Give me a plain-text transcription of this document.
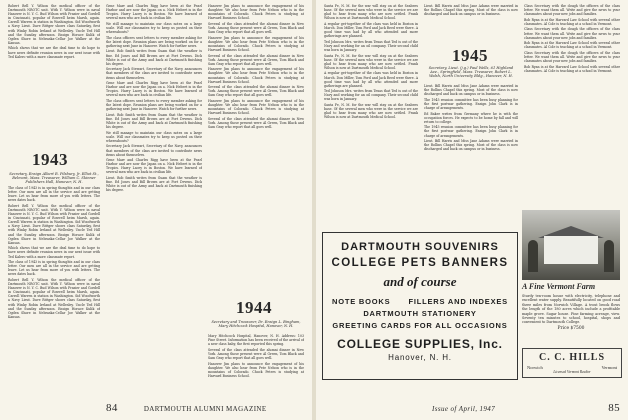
Robert Bell Y. Wilson the medical officer of the Dartmouth NROTC unit. With Y. Wilson were in naval Hanover is N. Y. C. Bud Wilson with Frasier and Gordell in Cincinnati, popular of Roswell heim Marsh, again. Carroll Warren is station in Washington. Sid Woodworth a Navy Lieut. Dave Rittger shows class Saturday, first with Winky Robin Ireland at Wellesley. Uncle Ted Hill and the Sunday afternoon. Ensign Horace Kulik of Ogden Shore in Nebraska-Cellar Joe Walker at the Kansas.

Which shows that we are the deal time to do hope to have news definite reunion news in our next issue with Ted Kalero with a more classmate report.

1943
Secretary, Ensign Albert R. Pilsbury, Jr. Elliot St., Belmont, Mass. Treasurer, William C. Skinner Publishers Hall, Hanover, N. H.

The class of 1943 is in spring thoughts and in our class letter. Our men are all in the service and are getting leave. Let us hear from more of you with letters. The news dates back.

Robert Bell Y. Wilson the medical officer of the Dartmouth NROTC unit. With Y. Wilson were in naval Hanover is N. Y. C. Bud Wilson with Frasier and Gordell in Cincinnati, popular of Roswell heim Marsh, again. Carroll Warren is station in Washington. Sid Woodworth a Navy Lieut. Dave Rittger shows class Saturday, first with Winky Robin Ireland at Wellesley. Uncle Ted Hill and the Sunday afternoon. Ensign Horace Kulik of Ogden Shore in Nebraska-Cellar Joe Walker at the Kansas.

Which shows that we are the deal time to do hope to have news definite reunion news in our next issue with Ted Kalero with a more classmate report.

The class of 1943 is in spring thoughts and in our class letter. Our men are all in the service and are getting leave. Let us hear from more of you with letters. The news dates back.

Robert Bell Y. Wilson the medical officer of the Dartmouth NROTC unit. With Y. Wilson were in naval Hanover is N. Y. C. Bud Wilson with Frasier and Gordell in Cincinnati, popular of Roswell heim Marsh, again. Carroll Warren is station in Washington. Sid Woodworth a Navy Lieut. Dave Rittger shows class Saturday, first with Winky Robin Ireland at Wellesley. Uncle Ted Hill and the Sunday afternoon. Ensign Horace Kulik of Ogden Shore in Nebraska-Cellar Joe Walker at the Kansas.

Gene Marr and Charles Rigg have been at the Pearl Harbor and are now the Japan on a. Nick Hebert is in the Tropics. Harry Lacey is in Boston. We have learned of several men who are back in civilian life.

We still manage to maintain our class notes on a large scale. Will our classmates try to keep us posted on their whereabouts?

The class officers sent letters to every member asking for the latest dope. Reunion plans are being worked on for a gathering next June in Hanover. Watch for further news.

Lieut. Bob Smith writes from Guam that the weather is fine. Ed Jones and Bill Brown are at Fort Devens. Dick White is out of the Army and back at Dartmouth finishing his degree.

Secretary Jack Stewart, Secretary of the Navy, announces that members of the class are invited to contribute news items about themselves.

Gene Marr and Charles Rigg have been at the Pearl Harbor and are now the Japan on a. Nick Hebert is in the Tropics. Harry Lacey is in Boston. We have learned of several men who are back in civilian life.

The class officers sent letters to every member asking for the latest dope. Reunion plans are being worked on for a gathering next June in Hanover. Watch for further news.

Lieut. Bob Smith writes from Guam that the weather is fine. Ed Jones and Bill Brown are at Fort Devens. Dick White is out of the Army and back at Dartmouth finishing his degree.

We still manage to maintain our class notes on a large scale. Will our classmates try to keep us posted on their whereabouts?

Secretary Jack Stewart, Secretary of the Navy, announces that members of the class are invited to contribute news items about themselves.

Gene Marr and Charles Rigg have been at the Pearl Harbor and are now the Japan on a. Nick Hebert is in the Tropics. Harry Lacey is in Boston. We have learned of several men who are back in civilian life.

Lieut. Bob Smith writes from Guam that the weather is fine. Ed Jones and Bill Brown are at Fort Devens. Dick White is out of the Army and back at Dartmouth finishing his degree.

Hanover Jim plans to announce the engagement of his daughter. We also hear from Pete Nelson who is in the mountains of Colorado. Chuck Peters is studying at Harvard Business School.

Several of the class attended the alumni dinner in New York. Among those present were Al Green, Tom Black and Sam Gray who report that all goes well.

Hanover Jim plans to announce the engagement of his daughter. We also hear from Pete Nelson who is in the mountains of Colorado. Chuck Peters is studying at Harvard Business School.

Several of the class attended the alumni dinner in New York. Among those present were Al Green, Tom Black and Sam Gray who report that all goes well.

Hanover Jim plans to announce the engagement of his daughter. We also hear from Pete Nelson who is in the mountains of Colorado. Chuck Peters is studying at Harvard Business School.

Several of the class attended the alumni dinner in New York. Among those present were Al Green, Tom Black and Sam Gray who report that all goes well.

Hanover Jim plans to announce the engagement of his daughter. We also hear from Pete Nelson who is in the mountains of Colorado. Chuck Peters is studying at Harvard Business School.

Several of the class attended the alumni dinner in New York. Among those present were Al Green, Tom Black and Sam Gray who report that all goes well.

1944
Secretary and Treasurer, Dr. Ensign L. Bingham, Mary Hitchcock Hospital, Hanover, N. H.

Mary Hitchcock Hospital, Hanover, N. H. Address: 103 Pine Street. Information has been received of the arrival of a new class baby, the first reported this spring.

Several of the class attended the alumni dinner in New York. Among those present were Al Green, Tom Black and Sam Gray who report that all goes well.

Hanover Jim plans to announce the engagement of his daughter. We also hear from Pete Nelson who is in the mountains of Colorado. Chuck Peters is studying at Harvard Business School.

84	DARTMOUTH ALUMNI MAGAZINE

Santa Fe, N. M. for the war will stay on at the Seabees base. Of the several men who were in the service we are glad to hear from many who are now settled. Frank Wilson is now at Dartmouth Medical School.

A regular get-together of the class was held in Boston in March. Don Miller, Tom Ford and Jack Reed were there. A good time was had by all who attended and more gatherings are planned.

Ted Johnson Mrs. writes from Texas that Ted is out of the Navy and working for an oil company. Their second child was born in January.

Santa Fe, N. M. for the war will stay on at the Seabees base. Of the several men who were in the service we are glad to hear from many who are now settled. Frank Wilson is now at Dartmouth Medical School.

A regular get-together of the class was held in Boston in March. Don Miller, Tom Ford and Jack Reed were there. A good time was had by all who attended and more gatherings are planned.

Ted Johnson Mrs. writes from Texas that Ted is out of the Navy and working for an oil company. Their second child was born in January.

Santa Fe, N. M. for the war will stay on at the Seabees base. Of the several men who were in the service we are glad to hear from many who are now settled. Frank Wilson is now at Dartmouth Medical School.

Lieut. Bill Harris and Miss Jane Adams were married in the Rollins Chapel this spring. Most of the class is now discharged and back on campus or in business.

1945
Secretary, Lieut. (j.g.) Paul Wells, 61 Highland Ave., Springfield, Mass. Treasurer, Robert L. Walsh, North University Bldg., Hanover, N. H.

Lieut. Bill Harris and Miss Jane Adams were married in the Rollins Chapel this spring. Most of the class is now discharged and back on campus or in business.

The 1945 reunion committee has been busy planning for the first postwar gathering. Ensign John Clark is in charge of arrangements.

Ed Baker writes from Germany where he is with the occupation forces. He expects to be home by fall and will return to college.

The 1945 reunion committee has been busy planning for the first postwar gathering. Ensign John Clark is in charge of arrangements.

Lieut. Bill Harris and Miss Jane Adams were married in the Rollins Chapel this spring. Most of the class is now discharged and back on campus or in business.

Class Secretary with the dough the officers of the class letter. We want them all. Write and give the news to your classmates about your new jobs and families.

Bob Ryan is at the Harvard Law School with several other classmates. Al Cole is teaching at a school in Vermont.

Class Secretary with the dough the officers of the class letter. We want them all. Write and give the news to your classmates about your new jobs and families.

Bob Ryan is at the Harvard Law School with several other classmates. Al Cole is teaching at a school in Vermont.

Class Secretary with the dough the officers of the class letter. We want them all. Write and give the news to your classmates about your new jobs and families.

Bob Ryan is at the Harvard Law School with several other classmates. Al Cole is teaching at a school in Vermont.

A Fine Vermont Farm
Sturdy ten-room house with electricity, telephone and excellent water supply. Beautifully located on good road three miles from Norwich Village. A trout brook flows the length of the 180 acres which include a profitable maple grove. Sugar house. Fine farming acreage, view. Seventy ten minutes to school, hospital, shops and convenient to Dartmouth College.
Price $7500
C. C. HILLS
Norwich	Vermont
Licensed Vermont Realtor
Issue of April, 1947	85
DARTMOUTH SOUVENIRS
COLLEGE PETS BANNERS
and of course
NOTE BOOKS FILLERS AND INDEXES
DARTMOUTH STATIONERY
GREETING CARDS FOR ALL OCCASIONS
COLLEGE SUPPLIES, Inc.
Hanover, N. H.
